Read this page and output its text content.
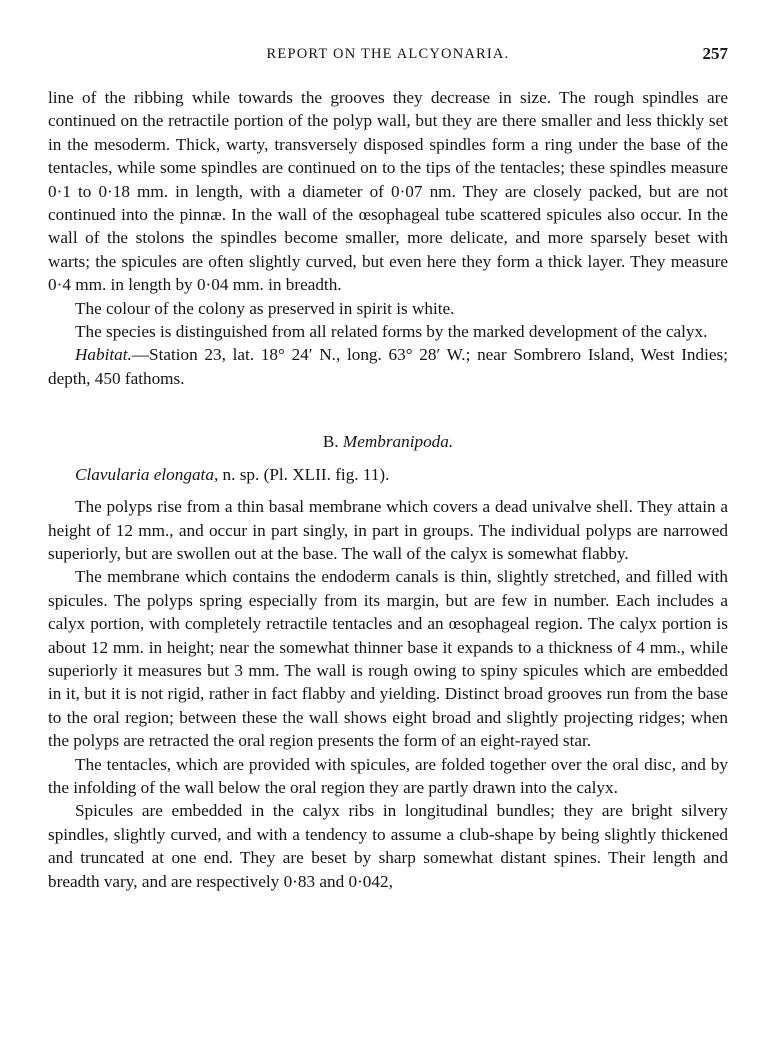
REPORT ON THE ALCYONARIA.	257

line of the ribbing while towards the grooves they decrease in size. The rough spindles are continued on the retractile portion of the polyp wall, but they are there smaller and less thickly set in the mesoderm. Thick, warty, transversely disposed spindles form a ring under the base of the tentacles, while some spindles are continued on to the tips of the tentacles; these spindles measure 0·1 to 0·18 mm. in length, with a diameter of 0·07 nm. They are closely packed, but are not continued into the pinnæ. In the wall of the œsophageal tube scattered spicules also occur. In the wall of the stolons the spindles become smaller, more delicate, and more sparsely beset with warts; the spicules are often slightly curved, but even here they form a thick layer. They measure 0·4 mm. in length by 0·04 mm. in breadth.

The colour of the colony as preserved in spirit is white.

The species is distinguished from all related forms by the marked development of the calyx.

Habitat.—Station 23, lat. 18° 24′ N., long. 63° 28′ W.; near Sombrero Island, West Indies; depth, 450 fathoms.

B. Membranipoda.

Clavularia elongata, n. sp. (Pl. XLII. fig. 11).

The polyps rise from a thin basal membrane which covers a dead univalve shell. They attain a height of 12 mm., and occur in part singly, in part in groups. The individual polyps are narrowed superiorly, but are swollen out at the base. The wall of the calyx is somewhat flabby.

The membrane which contains the endoderm canals is thin, slightly stretched, and filled with spicules. The polyps spring especially from its margin, but are few in number. Each includes a calyx portion, with completely retractile tentacles and an œsophageal region. The calyx portion is about 12 mm. in height; near the somewhat thinner base it expands to a thickness of 4 mm., while superiorly it measures but 3 mm. The wall is rough owing to spiny spicules which are embedded in it, but it is not rigid, rather in fact flabby and yielding. Distinct broad grooves run from the base to the oral region; between these the wall shows eight broad and slightly projecting ridges; when the polyps are retracted the oral region presents the form of an eight-rayed star.

The tentacles, which are provided with spicules, are folded together over the oral disc, and by the infolding of the wall below the oral region they are partly drawn into the calyx.

Spicules are embedded in the calyx ribs in longitudinal bundles; they are bright silvery spindles, slightly curved, and with a tendency to assume a club-shape by being slightly thickened and truncated at one end. They are beset by sharp somewhat distant spines. Their length and breadth vary, and are respectively 0·83 and 0·042,
